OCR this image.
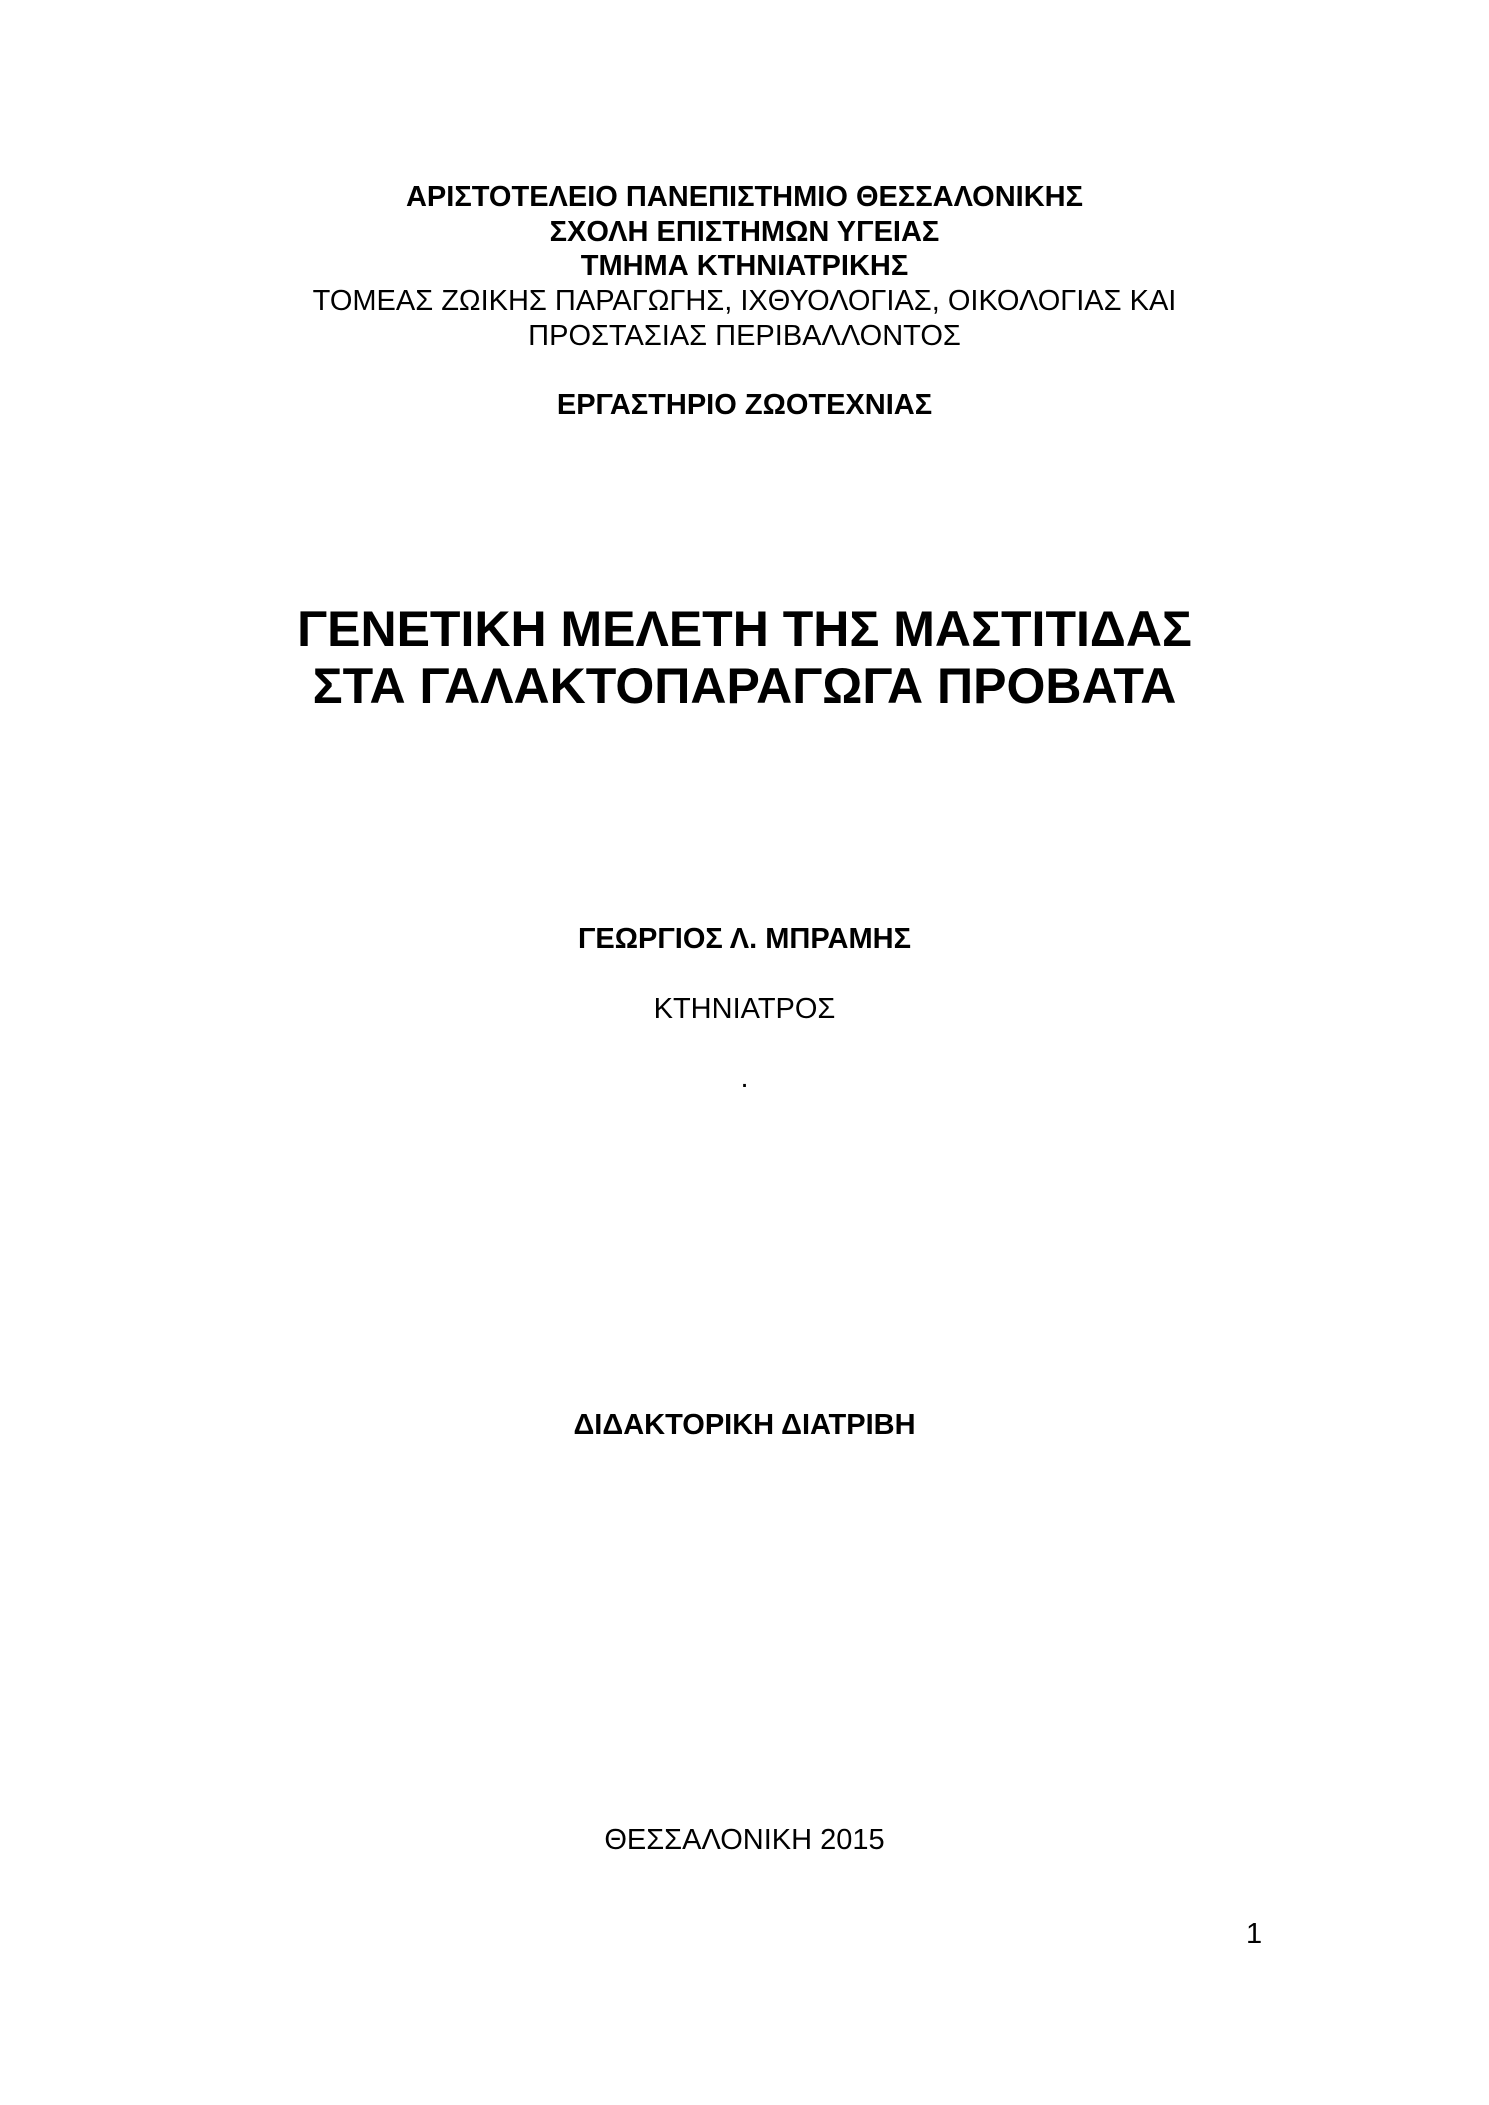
ΑΡΙΣΤΟΤΕΛΕΙΟ ΠΑΝΕΠΙΣΤΗΜΙΟ ΘΕΣΣΑΛΟΝΙΚΗΣ
ΣΧΟΛΗ ΕΠΙΣΤΗΜΩΝ ΥΓΕΙΑΣ
ΤΜΗΜΑ ΚΤΗΝΙΑΤΡΙΚΗΣ
ΤΟΜΕΑΣ ΖΩΙΚΗΣ ΠΑΡΑΓΩΓΗΣ, ΙΧΘΥΟΛΟΓΙΑΣ, ΟΙΚΟΛΟΓΙΑΣ ΚΑΙ
ΠΡΟΣΤΑΣΙΑΣ ΠΕΡΙΒΑΛΛΟΝΤΟΣ
ΕΡΓΑΣΤΗΡΙΟ ΖΩΟΤΕΧΝΙΑΣ
ΓΕΝΕΤΙΚΗ ΜΕΛΕΤΗ ΤΗΣ ΜΑΣΤΙΤΙΔΑΣ
ΣΤΑ ΓΑΛΑΚΤΟΠΑΡΑΓΩΓΑ ΠΡΟΒΑΤΑ
ΓΕΩΡΓΙΟΣ Λ. ΜΠΡΑΜΗΣ
ΚΤΗΝΙΑΤΡΟΣ
.
ΔΙΔΑΚΤΟΡΙΚΗ ΔΙΑΤΡΙΒΗ
ΘΕΣΣΑΛΟΝΙΚΗ 2015
1
